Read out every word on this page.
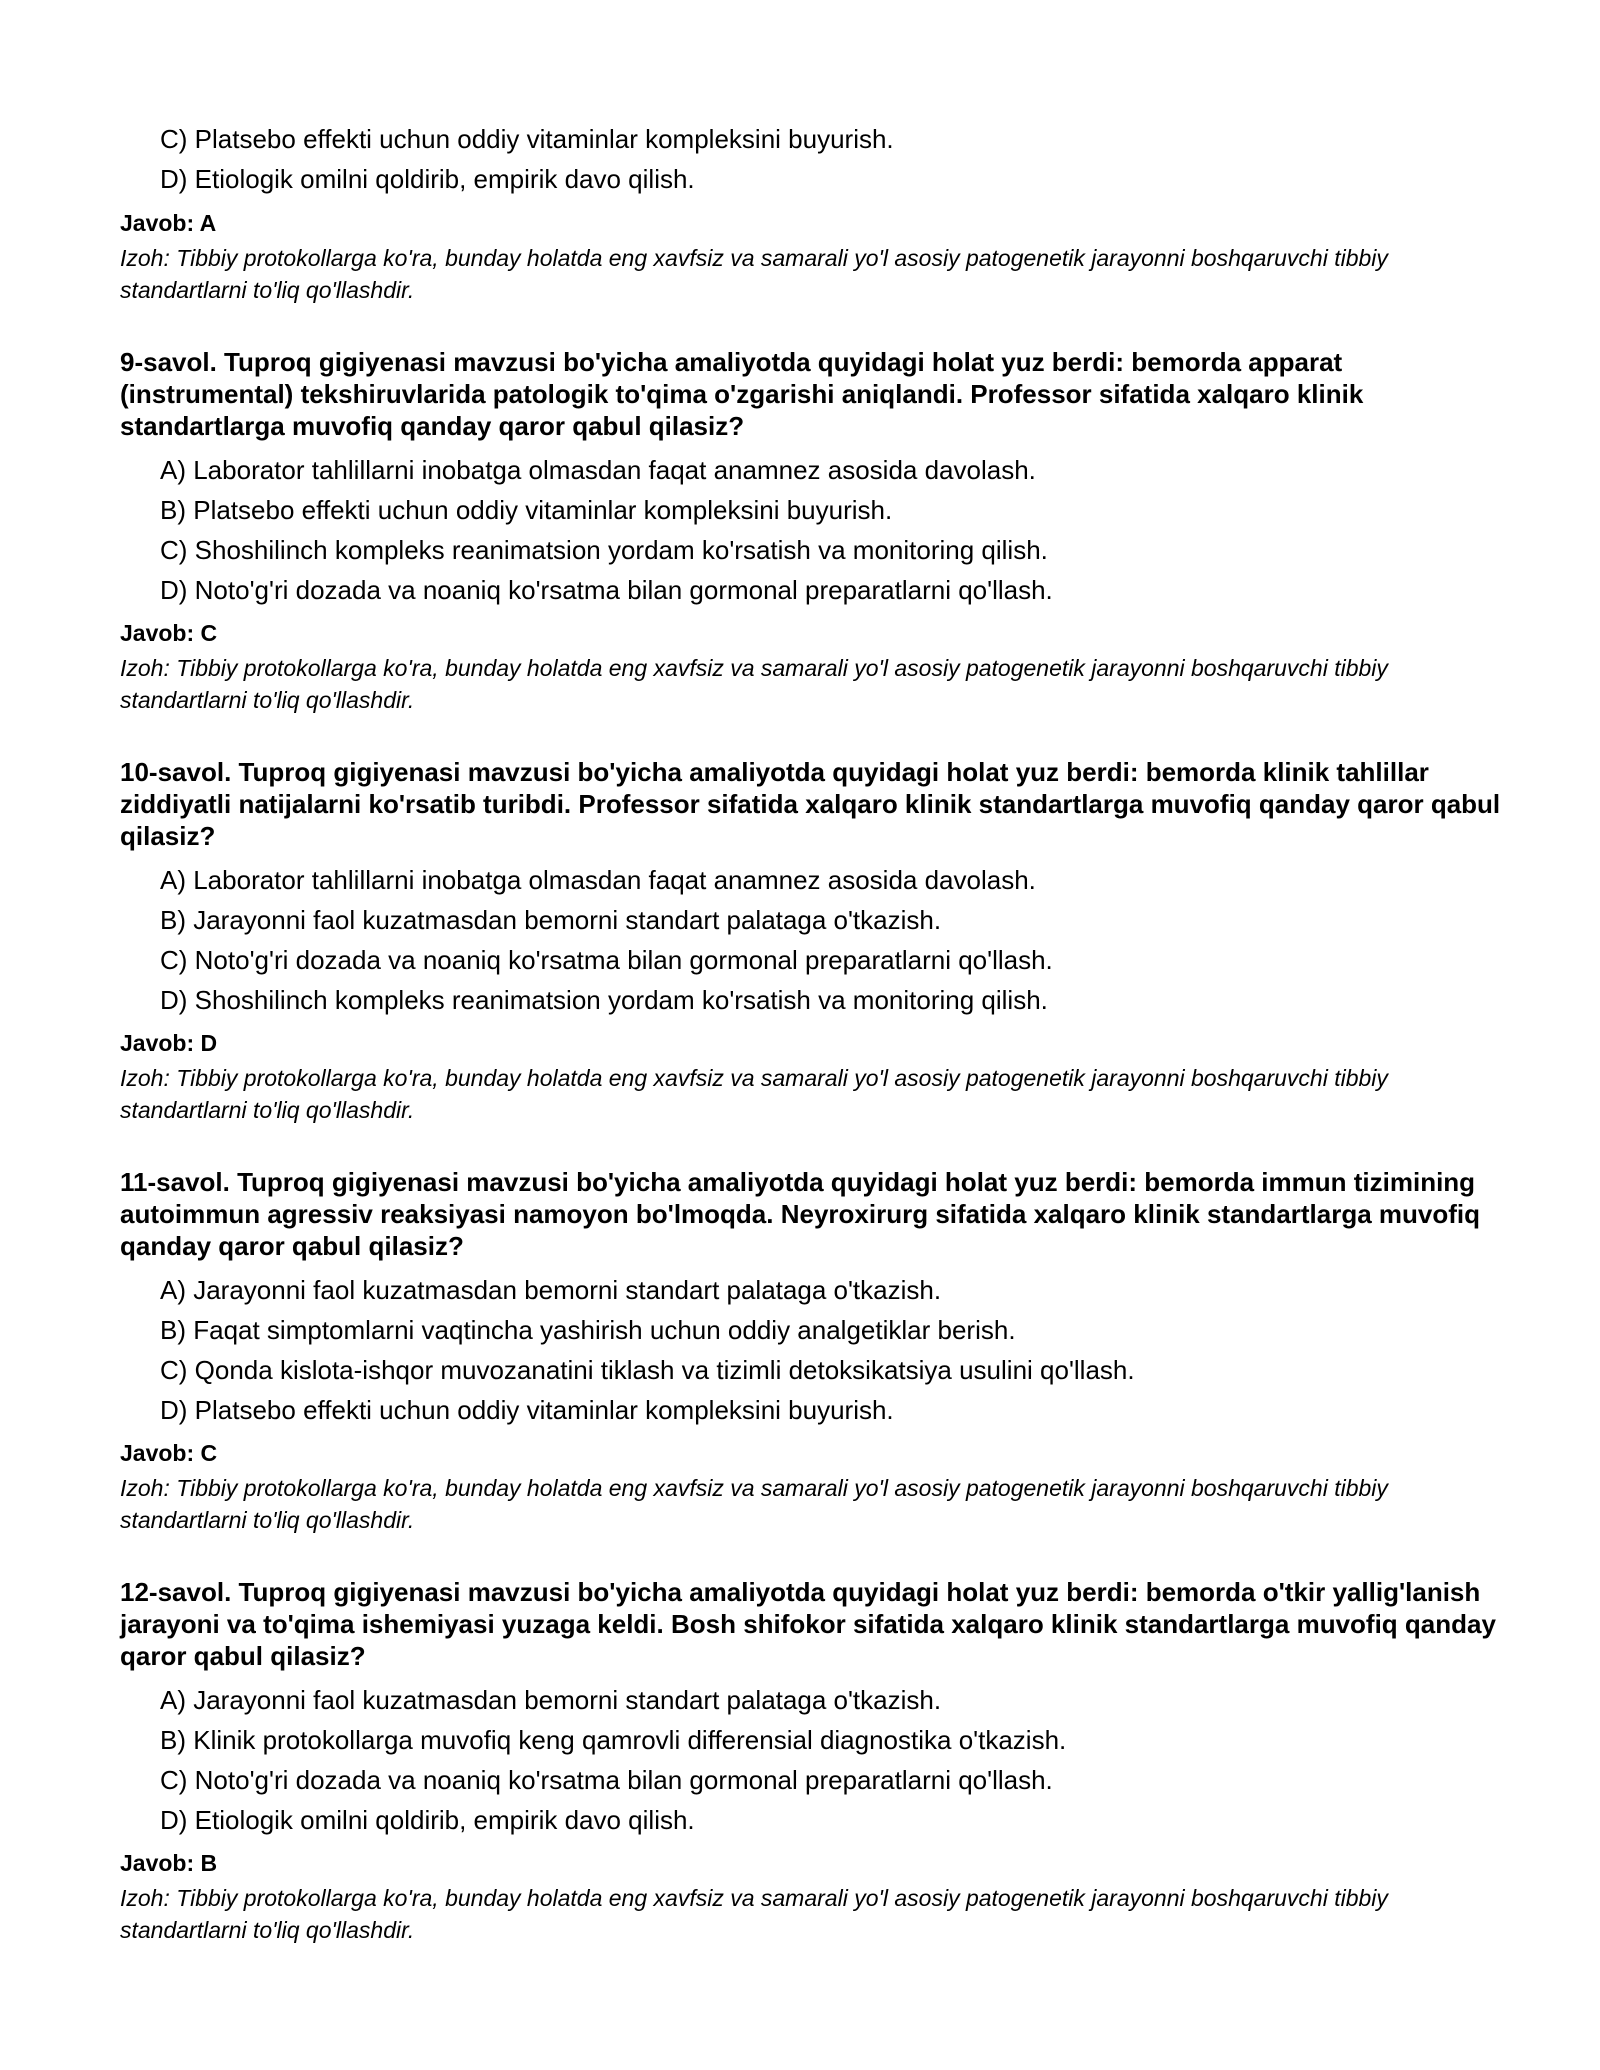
C) Platsebo effekti uchun oddiy vitaminlar kompleksini buyurish.
D) Etiologik omilni qoldirib, empirik davo qilish.
Javob: A
Izoh: Tibbiy protokollarga ko'ra, bunday holatda eng xavfsiz va samarali yo'l asosiy patogenetik jarayonni boshqaruvchi tibbiy standartlarni to'liq qo'llashdir.
9-savol. Tuproq gigiyenasi mavzusi bo'yicha amaliyotda quyidagi holat yuz berdi: bemorda apparat (instrumental) tekshiruvlarida patologik to'qima o'zgarishi aniqlandi. Professor sifatida xalqaro klinik standartlarga muvofiq qanday qaror qabul qilasiz?
A) Laborator tahlillarni inobatga olmasdan faqat anamnez asosida davolash.
B) Platsebo effekti uchun oddiy vitaminlar kompleksini buyurish.
C) Shoshilinch kompleks reanimatsion yordam ko'rsatish va monitoring qilish.
D) Noto'g'ri dozada va noaniq ko'rsatma bilan gormonal preparatlarni qo'llash.
Javob: C
Izoh: Tibbiy protokollarga ko'ra, bunday holatda eng xavfsiz va samarali yo'l asosiy patogenetik jarayonni boshqaruvchi tibbiy standartlarni to'liq qo'llashdir.
10-savol. Tuproq gigiyenasi mavzusi bo'yicha amaliyotda quyidagi holat yuz berdi: bemorda klinik tahlillar ziddiyatli natijalarni ko'rsatib turibdi. Professor sifatida xalqaro klinik standartlarga muvofiq qanday qaror qabul qilasiz?
A) Laborator tahlillarni inobatga olmasdan faqat anamnez asosida davolash.
B) Jarayonni faol kuzatmasdan bemorni standart palataga o'tkazish.
C) Noto'g'ri dozada va noaniq ko'rsatma bilan gormonal preparatlarni qo'llash.
D) Shoshilinch kompleks reanimatsion yordam ko'rsatish va monitoring qilish.
Javob: D
Izoh: Tibbiy protokollarga ko'ra, bunday holatda eng xavfsiz va samarali yo'l asosiy patogenetik jarayonni boshqaruvchi tibbiy standartlarni to'liq qo'llashdir.
11-savol. Tuproq gigiyenasi mavzusi bo'yicha amaliyotda quyidagi holat yuz berdi: bemorda immun tizimining autoimmun agressiv reaksiyasi namoyon bo'lmoqda. Neyroxirurg sifatida xalqaro klinik standartlarga muvofiq qanday qaror qabul qilasiz?
A) Jarayonni faol kuzatmasdan bemorni standart palataga o'tkazish.
B) Faqat simptomlarni vaqtincha yashirish uchun oddiy analgetiklar berish.
C) Qonda kislota-ishqor muvozanatini tiklash va tizimli detoksikatsiya usulini qo'llash.
D) Platsebo effekti uchun oddiy vitaminlar kompleksini buyurish.
Javob: C
Izoh: Tibbiy protokollarga ko'ra, bunday holatda eng xavfsiz va samarali yo'l asosiy patogenetik jarayonni boshqaruvchi tibbiy standartlarni to'liq qo'llashdir.
12-savol. Tuproq gigiyenasi mavzusi bo'yicha amaliyotda quyidagi holat yuz berdi: bemorda o'tkir yallig'lanish jarayoni va to'qima ishemiyasi yuzaga keldi. Bosh shifokor sifatida xalqaro klinik standartlarga muvofiq qanday qaror qabul qilasiz?
A) Jarayonni faol kuzatmasdan bemorni standart palataga o'tkazish.
B) Klinik protokollarga muvofiq keng qamrovli differensial diagnostika o'tkazish.
C) Noto'g'ri dozada va noaniq ko'rsatma bilan gormonal preparatlarni qo'llash.
D) Etiologik omilni qoldirib, empirik davo qilish.
Javob: B
Izoh: Tibbiy protokollarga ko'ra, bunday holatda eng xavfsiz va samarali yo'l asosiy patogenetik jarayonni boshqaruvchi tibbiy standartlarni to'liq qo'llashdir.
